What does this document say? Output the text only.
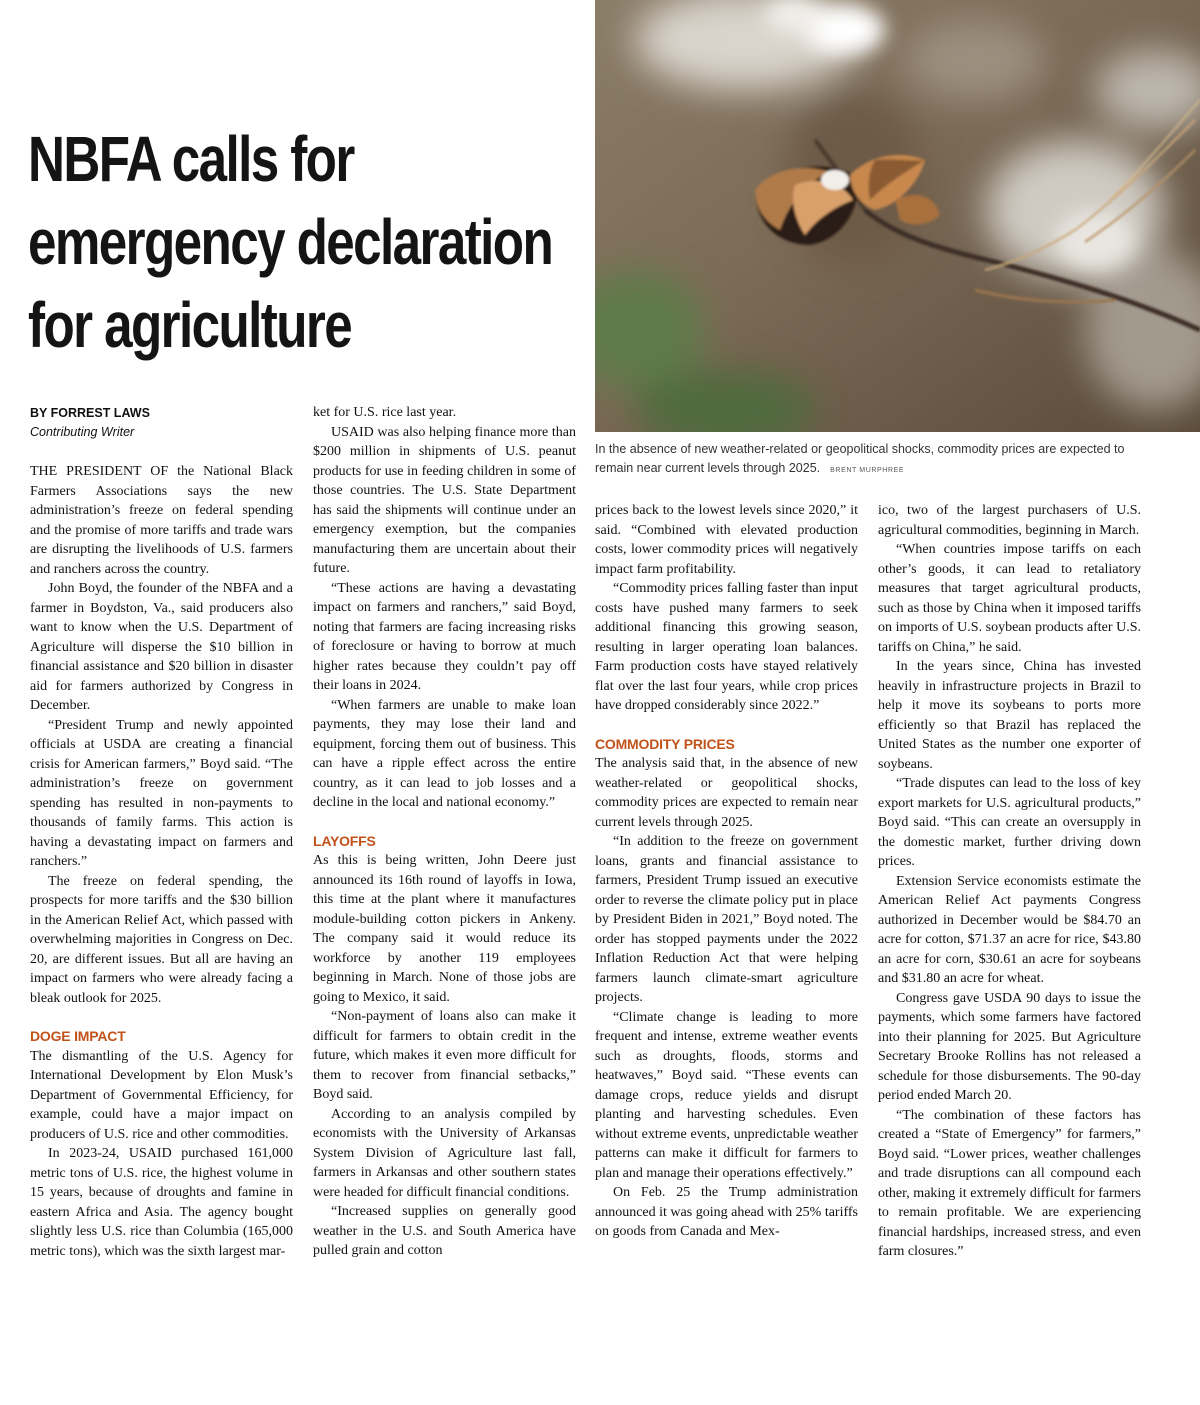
NBFA calls for
emergency declaration
for agriculture
In the absence of new weather-related or geopolitical shocks, commodity prices are expected to remain near current levels through 2025. BRENT MURPHREE
BY FORREST LAWS
Contributing Writer

THE PRESIDENT OF the National Black Farmers Associations says the new administration’s freeze on federal spending and the promise of more tariffs and trade wars are disrupting the livelihoods of U.S. farmers and ranchers across the country.

John Boyd, the founder of the NBFA and a farmer in Boydston, Va., said producers also want to know when the U.S. Department of Agriculture will disperse the $10 billion in financial assistance and $20 billion in disaster aid for farmers authorized by Congress in December.

“President Trump and newly appointed officials at USDA are creating a financial crisis for American farmers,” Boyd said. “The administration’s freeze on government spending has resulted in non-payments to thousands of family farms. This action is having a devastating impact on farmers and ranchers.”

The freeze on federal spending, the prospects for more tariffs and the $30 billion in the American Relief Act, which passed with overwhelming majorities in Congress on Dec. 20, are different issues. But all are having an impact on farmers who were already facing a bleak outlook for 2025.

DOGE IMPACT

The dismantling of the U.S. Agency for International Development by Elon Musk’s Department of Governmental Efficiency, for example, could have a major impact on producers of U.S. rice and other commodities.

In 2023-24, USAID purchased 161,000 metric tons of U.S. rice, the highest volume in 15 years, because of droughts and famine in eastern Africa and Asia. The agency bought slightly less U.S. rice than Columbia (165,000 metric tons), which was the sixth largest mar-

ket for U.S. rice last year.

USAID was also helping finance more than $200 million in shipments of U.S. peanut products for use in feeding children in some of those countries. The U.S. State Department has said the shipments will continue under an emergency exemption, but the companies manufacturing them are uncertain about their future.

“These actions are having a devastating impact on farmers and ranchers,” said Boyd, noting that farmers are facing increasing risks of foreclosure or having to borrow at much higher rates because they couldn’t pay off their loans in 2024.

“When farmers are unable to make loan payments, they may lose their land and equipment, forcing them out of business. This can have a ripple effect across the entire country, as it can lead to job losses and a decline in the local and national economy.”

LAYOFFS

As this is being written, John Deere just announced its 16th round of layoffs in Iowa, this time at the plant where it manufactures module-building cotton pickers in Ankeny. The company said it would reduce its workforce by another 119 employees beginning in March. None of those jobs are going to Mexico, it said.

“Non-payment of loans also can make it difficult for farmers to obtain credit in the future, which makes it even more difficult for them to recover from financial setbacks,” Boyd said.

According to an analysis compiled by economists with the University of Arkansas System Division of Agriculture last fall, farmers in Arkansas and other southern states were headed for difficult financial conditions.

“Increased supplies on generally good weather in the U.S. and South America have pulled grain and cotton

prices back to the lowest levels since 2020,” it said. “Combined with elevated production costs, lower commodity prices will negatively impact farm profitability.

“Commodity prices falling faster than input costs have pushed many farmers to seek additional financing this growing season, resulting in larger operating loan balances. Farm production costs have stayed relatively flat over the last four years, while crop prices have dropped considerably since 2022.”

COMMODITY PRICES

The analysis said that, in the absence of new weather-related or geopolitical shocks, commodity prices are expected to remain near current levels through 2025.

“In addition to the freeze on government loans, grants and financial assistance to farmers, President Trump issued an executive order to reverse the climate policy put in place by President Biden in 2021,” Boyd noted. The order has stopped payments under the 2022 Inflation Reduction Act that were helping farmers launch climate-smart agriculture projects.

“Climate change is leading to more frequent and intense, extreme weather events such as droughts, floods, storms and heatwaves,” Boyd said. “These events can damage crops, reduce yields and disrupt planting and harvesting schedules. Even without extreme events, unpredictable weather patterns can make it difficult for farmers to plan and manage their operations effectively.”

On Feb. 25 the Trump administration announced it was going ahead with 25% tariffs on goods from Canada and Mex-

ico, two of the largest purchasers of U.S. agricultural commodities, beginning in March.

“When countries impose tariffs on each other’s goods, it can lead to retaliatory measures that target agricultural products, such as those by China when it imposed tariffs on imports of U.S. soybean products after U.S. tariffs on China,” he said.

In the years since, China has invested heavily in infrastructure projects in Brazil to help it move its soybeans to ports more efficiently so that Brazil has replaced the United States as the number one exporter of soybeans.

“Trade disputes can lead to the loss of key export markets for U.S. agricultural products,” Boyd said. “This can create an oversupply in the domestic market, further driving down prices.

Extension Service economists estimate the American Relief Act payments Congress authorized in December would be $84.70 an acre for cotton, $71.37 an acre for rice, $43.80 an acre for corn, $30.61 an acre for soybeans and $31.80 an acre for wheat.

Congress gave USDA 90 days to issue the payments, which some farmers have factored into their planning for 2025. But Agriculture Secretary Brooke Rollins has not released a schedule for those disbursements. The 90-day period ended March 20.

“The combination of these factors has created a “State of Emergency” for farmers,” Boyd said. “Lower prices, weather challenges and trade disruptions can all compound each other, making it extremely difficult for farmers to remain profitable. We are experiencing financial hardships, increased stress, and even farm closures.”
